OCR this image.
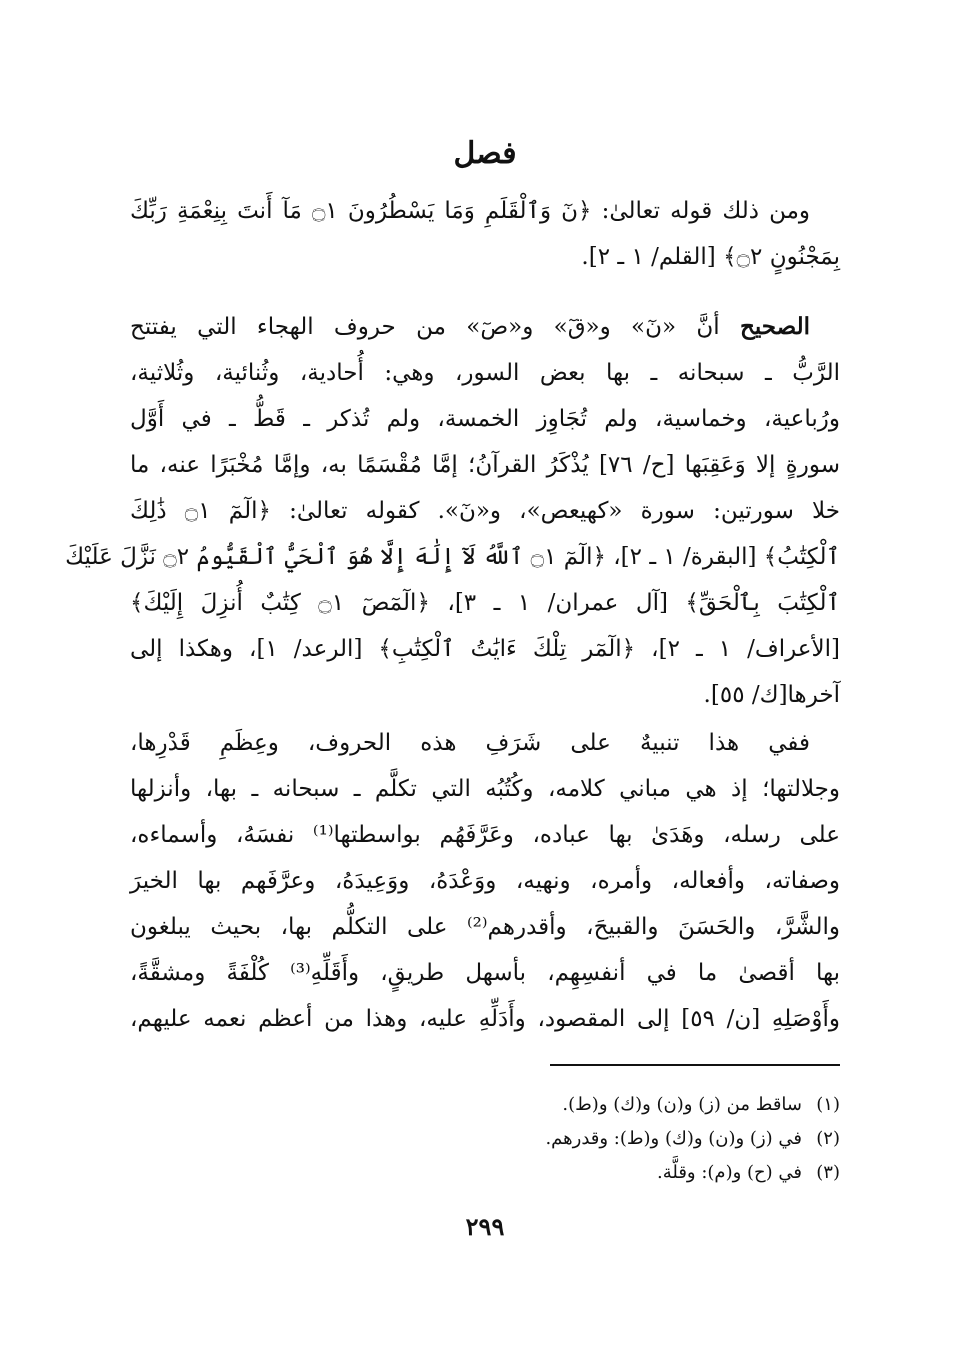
فصل
ومن ذلك قوله تعالىٰ: ﴿نٓ وَٱلْقَلَمِ وَمَا يَسْطُرُونَ ۝١ مَآ أَنتَ بِنِعْمَةِ رَبِّكَ
بِمَجْنُونٍ ۝٢﴾ [القلم/ ١ ـ ٢].
الصحيح أنَّ «نٓ» و«قٓ» و«صٓ» من حروف الهجاء التي يفتتح
الرَّبُّ ـ سبحانه ـ بها بعض السور، وهي: أُحادية، وثُنائية، وثُلاثية،
ورُباعية، وخماسية، ولم تُجَاوِز الخمسة، ولم تُذكر ـ قَطُّ ـ في أَوَّل
سورةٍ إلا وَعَقِبَها [ح/ ٧٦] يُذْكَرُ القرآنُ؛ إمَّا مُقْسَمًا به، وإمَّا مُخْبَرًا عنه، ما
خلا سورتين: سورة «كهيعص»، و«نٓ». كقوله تعالىٰ: ﴿الٓمٓ ۝١ ذَٰلِكَ
ٱلْكِتَٰبُ﴾ [البقرة/ ١ ـ ٢]، ﴿الٓمٓ ۝١ ٱللَّهُ لَآ إِلَٰهَ إِلَّا هُوَ ٱلْحَيُّ ٱلْقَيُّومُ ۝٢ نَزَّلَ عَلَيْكَ
ٱلْكِتَٰبَ بِٱلْحَقِّ﴾ [آل عمران/ ١ ـ ٣]، ﴿الٓمٓصٓ ۝١ كِتَٰبٌ أُنزِلَ إِلَيْكَ﴾
[الأعراف/ ١ ـ ٢]، ﴿الٓمٓر تِلْكَ ءَايَٰتُ ٱلْكِتَٰبِ﴾ [الرعد/ ١]، وهكذا إلى
آخرها[ك/ ٥٥].
ففي هذا تنبيهٌ على شَرَفِ هذه الحروف، وعِظَمِ قَدْرِها،
وجلالتها؛ إذ هي مباني كلامه، وكُتُبُه التي تكلَّم ـ سبحانه ـ بها، وأنزلها
على رسله، وهَدَىٰ بها عباده، وعَرَّفَهُم بواسطتها⁽¹⁾ نفسَهُ، وأسماءه،
وصفاته، وأفعاله، وأمره، ونهيه، ووَعْدَهُ، ووَعِيدَهُ، وعرَّفَهم بها الخيرَ
والشَّرَّ، والحَسَنَ والقبيحَ، وأقدرهم⁽²⁾ على التكلُّم بها، بحيث يبلغون
بها أقصىٰ ما في أنفسِهِم، بأسهل طريقٍ، وأَقَلِّهِ⁽³⁾ كُلْفَةً ومشقَّةً،
وأَوْصَلِهِ [ن/ ٥٩] إلى المقصود، وأَدَلِّهِ عليه، وهذا من أعظم نعمه عليهم،
(١)ساقط من (ز) و(ن) و(ك) و(ط).
(٢)في (ز) و(ن) و(ك) و(ط): وقدرهم.
(٣)في (ح) و(م): وقلَّة.
٢٩٩
